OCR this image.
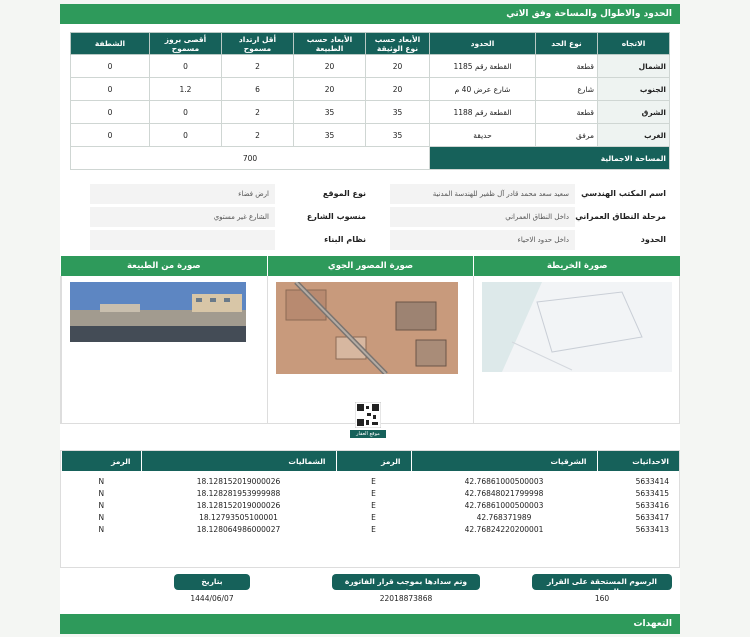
الحدود والاطوال والمساحة وفق الاتي
الاتجاه	نوع الحد	الحدود	الأبعاد حسب نوع الوثيقة	الأبعاد حسب الطبيعة	أقل ارتداد مسموح	أقصى بروز مسموح	الشطفة
الشمال	قطعة	القطعة رقم 1185	20	20	2	0	0
الجنوب	شارع	شارع عرض 40 م	20	20	6	1.2	0
الشرق	قطعة	القطعة رقم 1188	35	35	2	0	0
الغرب	مرفق	حديقة	35	35	2	0	0
المساحة الاجمالية			700				
اسم المكتب الهندسي
سعيد سعد محمد قادر آل ظفير للهندسة المدنية
نوع الموقع
ارض فضاء
مرحلة النطاق العمراني
داخل النطاق العمراني
منسوب الشارع
الشارع غير مستوي
الحدود
داخل حدود الاحياء
نظام البناء
صورة الخريطة
صورة المصور الجوي
صورة من الطبيعة
موقع العقار
الاحداثيات	الشرقيات	الرمز	الشماليات	الرمز

5633414	42.76861000500003	E	18.128152019000026	N
5633415	42.76848021799998	E	18.128281953999988	N
5633416	42.76861000500003	E	18.128152019000026	N
5633417	42.768371989	E	18.12793505100001	N
5633413	42.76824220200001	E	18.128064986000027	N
الرسوم المستحقة على القرار المساحي
160
وتم سدادها بموجب قرار الفاتورة رقم
22018873868
بتاريخ
1444/06/07
التعهدات
